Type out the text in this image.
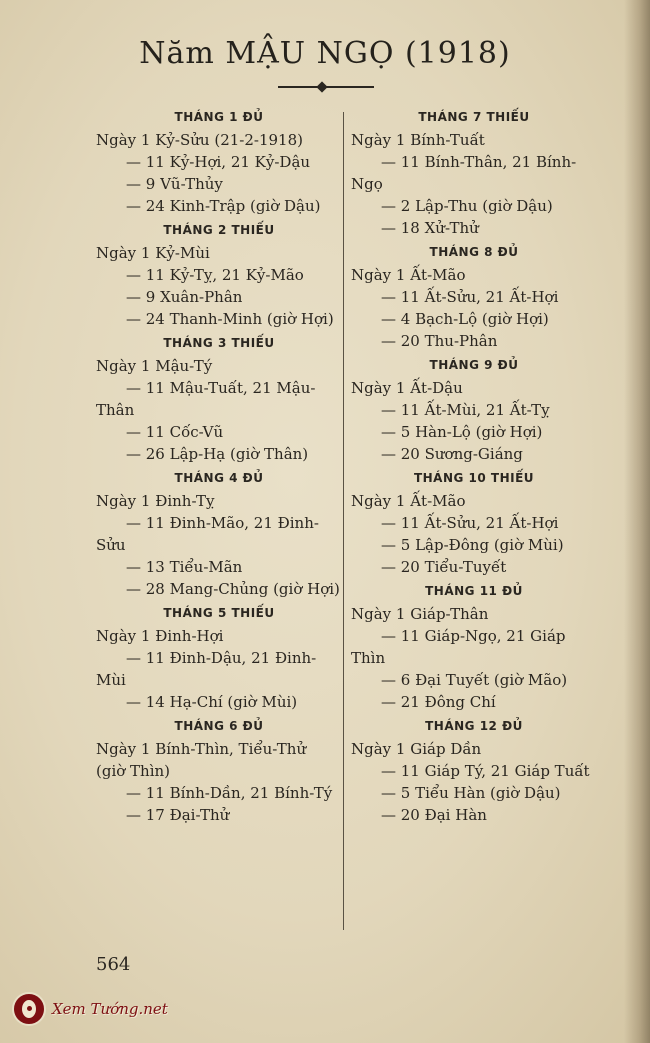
Năm MẬU NGỌ (1918)
THÁNG 1 ĐỦ
Ngày 1 Kỷ-Sửu (21-2-1918)
— 11 Kỷ-Hợi, 21 Kỷ-Dậu
— 9 Vũ-Thủy
— 24 Kinh-Trập (giờ Dậu)
THÁNG 2 THIẾU
Ngày 1 Kỷ-Mùi
— 11 Kỷ-Tỵ, 21 Kỷ-Mão
— 9 Xuân-Phân
— 24 Thanh-Minh (giờ Hợi)
THÁNG 3 THIẾU
Ngày 1 Mậu-Tý
— 11 Mậu-Tuất, 21 Mậu-
Thân
— 11 Cốc-Vũ
— 26 Lập-Hạ (giờ Thân)
THÁNG 4 ĐỦ
Ngày 1 Đinh-Tỵ
— 11 Đinh-Mão, 21 Đinh-
Sửu
— 13 Tiểu-Mãn
— 28 Mang-Chủng (giờ Hợi)
THÁNG 5 THIẾU
Ngày 1 Đinh-Hợi
— 11 Đinh-Dậu, 21 Đinh-
Mùi
— 14 Hạ-Chí (giờ Mùi)
THÁNG 6 ĐỦ
Ngày 1 Bính-Thìn, Tiểu-Thử
(giờ Thìn)
— 11 Bính-Dần, 21 Bính-Tý
— 17 Đại-Thử
THÁNG 7 THIẾU
Ngày 1 Bính-Tuất
— 11 Bính-Thân, 21 Bính-
Ngọ
— 2 Lập-Thu (giờ Dậu)
— 18 Xử-Thử
THÁNG 8 ĐỦ
Ngày 1 Ất-Mão
— 11 Ất-Sửu, 21 Ất-Hợi
— 4 Bạch-Lộ (giờ Hợi)
— 20 Thu-Phân
THÁNG 9 ĐỦ
Ngày 1 Ất-Dậu
— 11 Ất-Mùi, 21 Ất-Tỵ
— 5 Hàn-Lộ (giờ Hợi)
— 20 Sương-Giáng
THÁNG 10 THIẾU
Ngày 1 Ất-Mão
— 11 Ất-Sửu, 21 Ất-Hợi
— 5 Lập-Đông (giờ Mùi)
— 20 Tiểu-Tuyết
THÁNG 11 ĐỦ
Ngày 1 Giáp-Thân
— 11 Giáp-Ngọ, 21 Giáp
Thìn
— 6 Đại Tuyết (giờ Mão)
— 21 Đông Chí
THÁNG 12 ĐỦ
Ngày 1 Giáp Dần
— 11 Giáp Tý, 21 Giáp Tuất
— 5 Tiểu Hàn (giờ Dậu)
— 20 Đại Hàn
564
Xem Tướng.net
